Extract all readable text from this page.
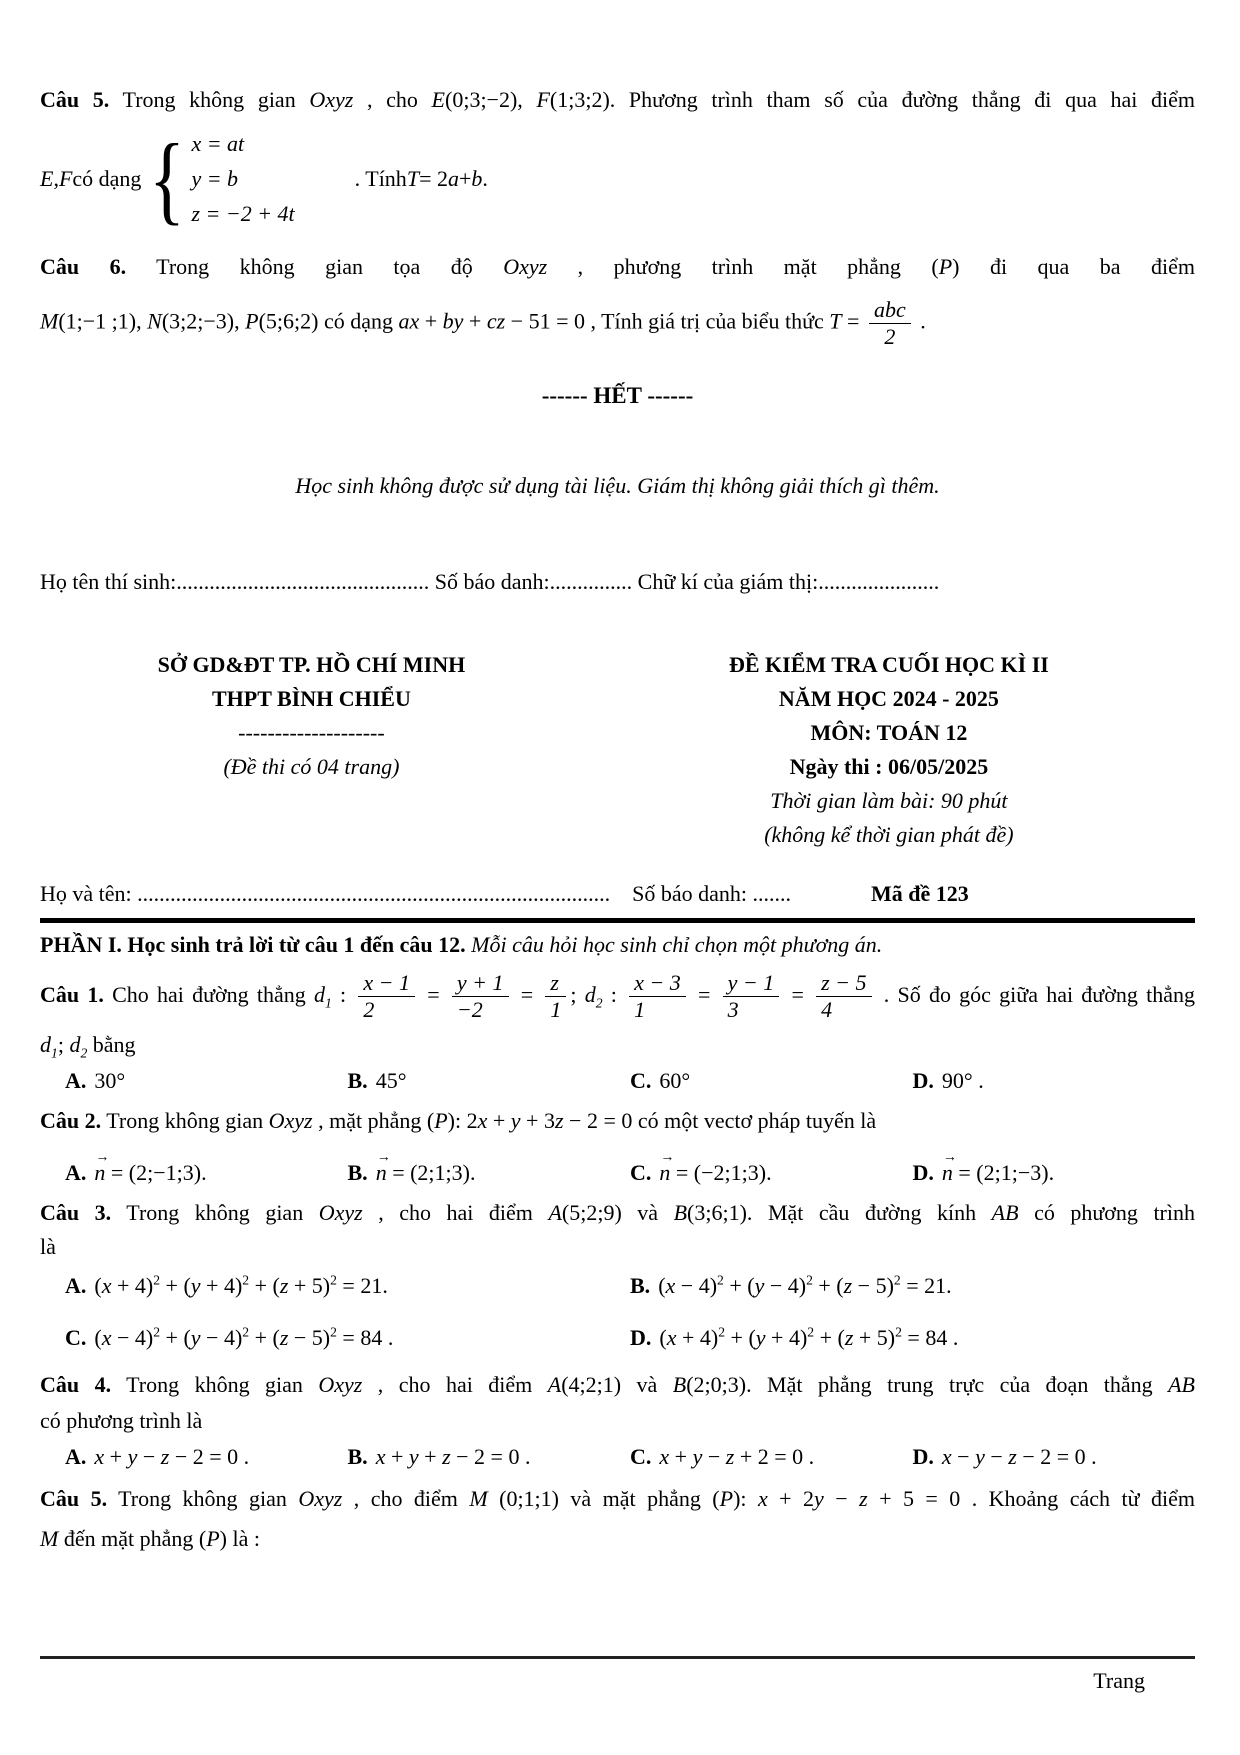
Câu 5. Trong không gian Oxyz , cho E(0;3;−2), F(1;3;2). Phương trình tham số của đường thẳng đi qua hai điểm

E , F có dạng { x = at
y = b
z = −2 + 4t
. Tính T = 2 a + b .

Câu 6. Trong không gian tọa độ Oxyz , phương trình mặt phẳng (P) đi qua ba điểm

M(1;−1 ;1), N(3;2;−3), P(5;6;2) có dạng ax + by + cz − 51 = 0 , Tính giá trị của biểu thức $T = \frac{\text{abc}}{2}$ .

------ HẾT ------

Học sinh không được sử dụng tài liệu. Giám thị không giải thích gì thêm.

Họ tên thí sinh:.............................................. Số báo danh:............... Chữ kí của giám thị:......................

SỞ GD&ĐT TP. HỒ CHÍ MINH

THPT BÌNH CHIỂU

--------------------

(Đề thi có 04 trang)

ĐỀ KIỂM TRA CUỐI HỌC KÌ II

NĂM HỌC 2024 - 2025

MÔN: TOÁN 12

Ngày thi : 06/05/2025

Thời gian làm bài: 90 phút

(không kể thời gian phát đề)

Họ và tên: ...................................................................................... Số báo danh: .......	Mã đề 123

PHẦN I. Học sinh trả lời từ câu 1 đến câu 12. Mỗi câu hỏi học sinh chỉ chọn một phương án.

Câu 1. Cho hai đường thẳng $d_1$ : $\frac{x - 1}{2} = \frac{y + 1}{-2} = \frac{z}{1}$ ; $d_2$ : $\frac{x - 3}{1} = \frac{y - 1}{3} = \frac{z - 5}{4}$ . Số đo góc giữa hai đường thẳng

$d_1$; $d_2$ bằng

A. 30°	B. 45°	C. 60°	D. 90° .

Câu 2. Trong không gian Oxyz , mặt phẳng (P): 2x + y + 3z − 2 = 0 có một vectơ pháp tuyến là

A. → n = (2;−1;3).	B. → n = (2;1;3).	C. → n = (−2;1;3).	D. → n = (2;1;−3).

Câu 3. Trong không gian Oxyz , cho hai điểm A(5;2;9) và B(3;6;1). Mặt cầu đường kính AB có phương trình

là

A. $(x + 4)^2 + (y + 4)^2 + (z + 5)^2 = 21$.	B. $(x - 4)^2 + (y - 4)^2 + (z - 5)^2 = 21$.
C. $(x - 4)^2 + (y - 4)^2 + (z - 5)^2 = 84$ .	D. $(x + 4)^2 + (y + 4)^2 + (z + 5)^2 = 84$ .

Câu 4. Trong không gian Oxyz , cho hai điểm A(4;2;1) và B(2;0;3). Mặt phẳng trung trực của đoạn thẳng AB

có phương trình là

A. x + y − z − 2 = 0 .	B. x + y + z − 2 = 0 .	C. x + y − z + 2 = 0 .	D. x − y − z − 2 = 0 .

Câu 5. Trong không gian Oxyz , cho điểm M (0;1;1) và mặt phẳng (P): x + 2y − z + 5 = 0 . Khoảng cách từ điểm

M đến mặt phẳng (P) là :

Trang
